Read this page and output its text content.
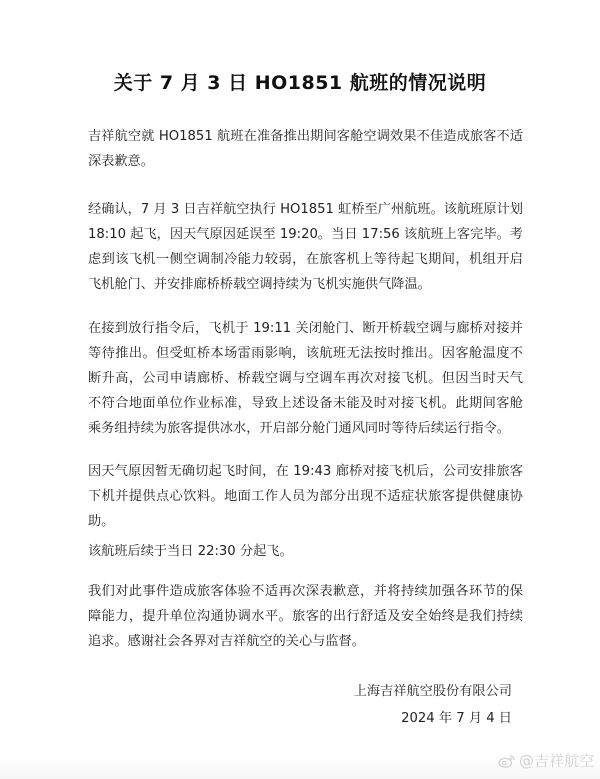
关于 7 月 3 日 HO1851 航班的情况说明
吉祥航空就 HO1851 航班在准备推出期间客舱空调效果不佳造成旅客不适深表歉意。
经确认，7 月 3 日吉祥航空执行 HO1851 虹桥至广州航班。该航班原计划 18:10 起飞，因天气原因延误至 19:20。当日 17:56 该航班上客完毕。考虑到该飞机一侧空调制冷能力较弱，在旅客机上等待起飞期间，机组开启飞机舱门、并安排廊桥桥载空调持续为飞机实施供气降温。
在接到放行指令后，飞机于 19:11 关闭舱门、断开桥载空调与廊桥对接并等待推出。但受虹桥本场雷雨影响，该航班无法按时推出。因客舱温度不断升高，公司申请廊桥、桥载空调与空调车再次对接飞机。但因当时天气不符合地面单位作业标准，导致上述设备未能及时对接飞机。此期间客舱乘务组持续为旅客提供冰水，开启部分舱门通风同时等待后续运行指令。
因天气原因暂无确切起飞时间，在 19:43 廊桥对接飞机后，公司安排旅客下机并提供点心饮料。地面工作人员为部分出现不适症状旅客提供健康协助。
该航班后续于当日 22:30 分起飞。
我们对此事件造成旅客体验不适再次深表歉意，并将持续加强各环节的保障能力，提升单位沟通协调水平。旅客的出行舒适及安全始终是我们持续追求。感谢社会各界对吉祥航空的关心与监督。
上海吉祥航空股份有限公司
2024 年 7 月 4 日
@吉祥航空
